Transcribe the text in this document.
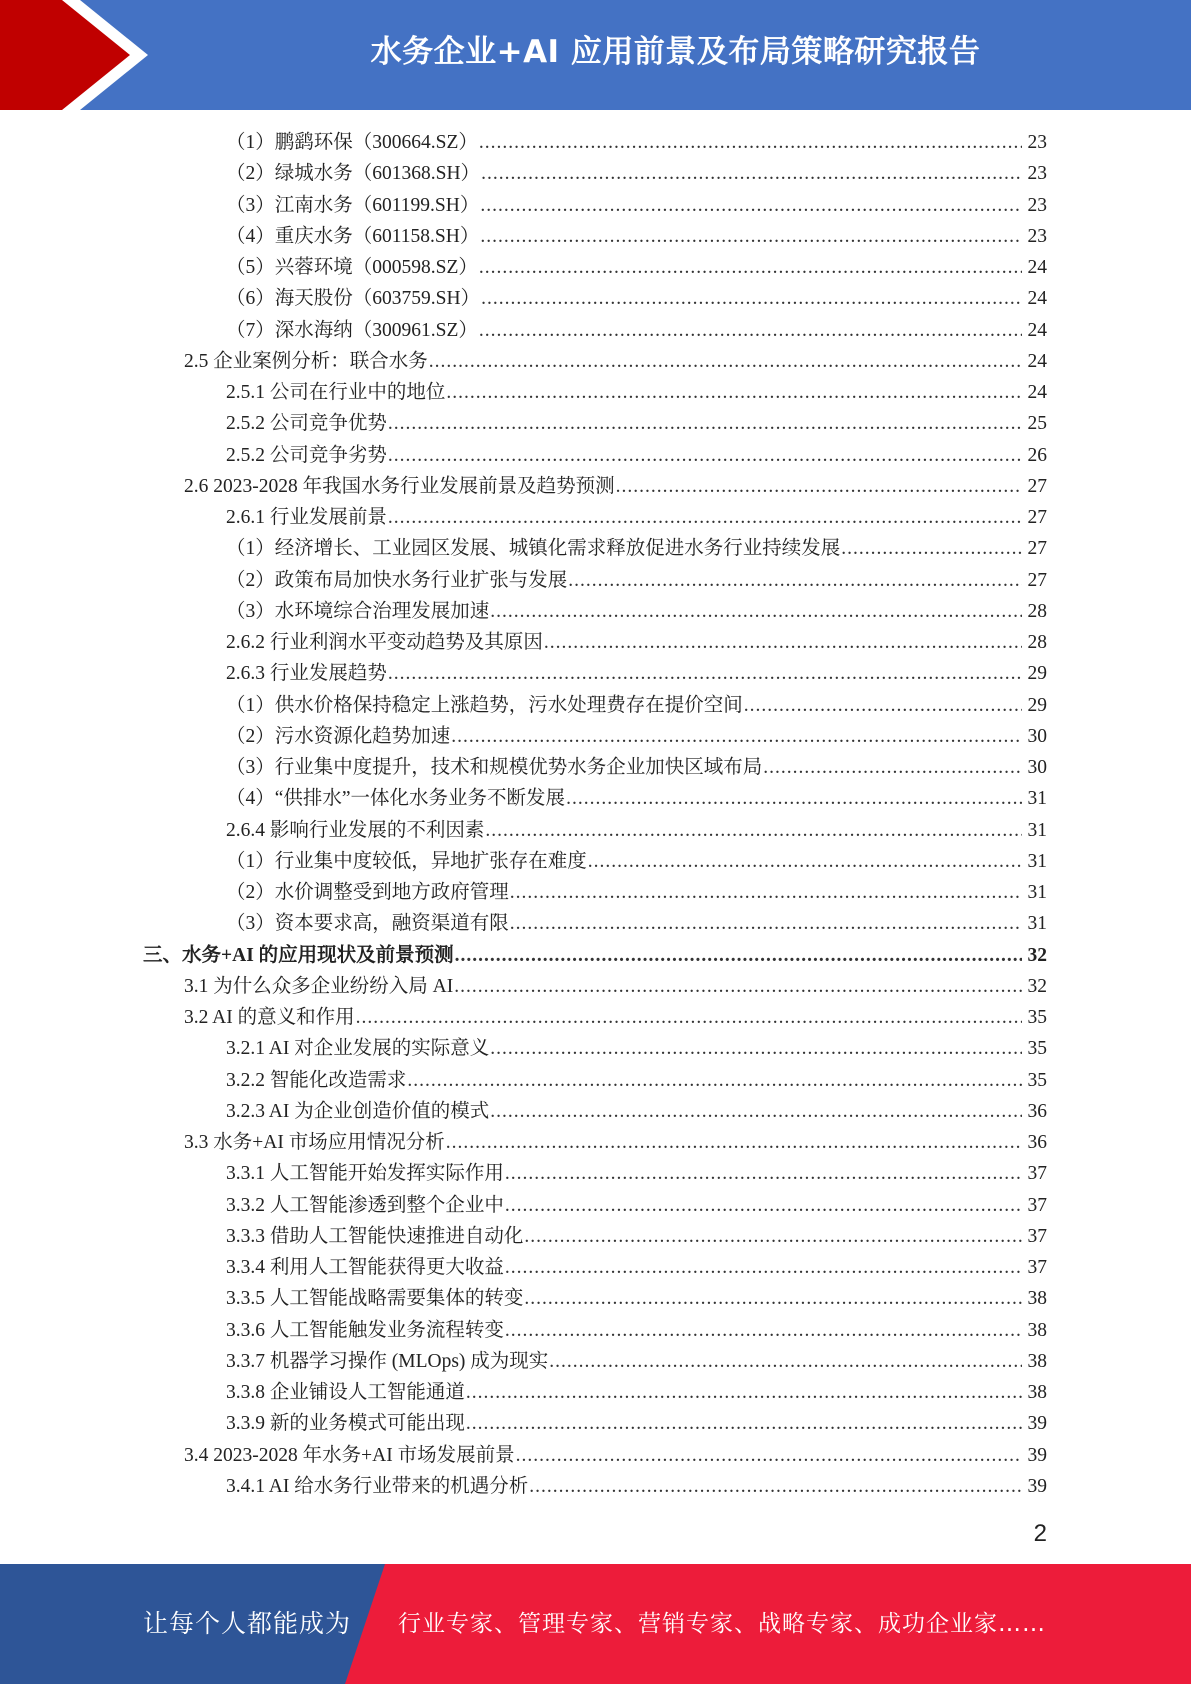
水务企业+AI 应用前景及布局策略研究报告
（1）鹏鹞环保（300664.SZ） .....	23
（2）绿城水务（601368.SH） .....	23
（3）江南水务（601199.SH） .....	23
（4）重庆水务（601158.SH） .....	23
（5）兴蓉环境（000598.SZ） .....	24
（6）海天股份（603759.SH） .....	24
（7）深水海纳（300961.SZ） .....	24
2.5 企业案例分析：联合水务 .....	24
2.5.1 公司在行业中的地位 .....	24
2.5.2 公司竞争优势 .....	25
2.5.2 公司竞争劣势 .....	26
2.6 2023-2028 年我国水务行业发展前景及趋势预测 .....	27
2.6.1 行业发展前景 .....	27
（1）经济增长、工业园区发展、城镇化需求释放促进水务行业持续发展 .....	27
（2）政策布局加快水务行业扩张与发展 .....	27
（3）水环境综合治理发展加速 .....	28
2.6.2 行业利润水平变动趋势及其原因 .....	28
2.6.3 行业发展趋势 .....	29
（1）供水价格保持稳定上涨趋势，污水处理费存在提价空间 .....	29
（2）污水资源化趋势加速 .....	30
（3）行业集中度提升，技术和规模优势水务企业加快区域布局 .....	30
（4）“供排水”一体化水务业务不断发展 .....	31
2.6.4 影响行业发展的不利因素 .....	31
（1）行业集中度较低，异地扩张存在难度 .....	31
（2）水价调整受到地方政府管理 .....	31
（3）资本要求高，融资渠道有限 .....	31
三、水务+AI 的应用现状及前景预测 .....	32
3.1 为什么众多企业纷纷入局 AI .....	32
3.2 AI 的意义和作用 .....	35
3.2.1 AI 对企业发展的实际意义 .....	35
3.2.2 智能化改造需求 .....	35
3.2.3 AI 为企业创造价值的模式 .....	36
3.3 水务+AI 市场应用情况分析 .....	36
3.3.1 人工智能开始发挥实际作用 .....	37
3.3.2 人工智能渗透到整个企业中 .....	37
3.3.3 借助人工智能快速推进自动化 .....	37
3.3.4 利用人工智能获得更大收益 .....	37
3.3.5 人工智能战略需要集体的转变 .....	38
3.3.6 人工智能触发业务流程转变 .....	38
3.3.7 机器学习操作 (MLOps) 成为现实 .....	38
3.3.8 企业铺设人工智能通道 .....	38
3.3.9 新的业务模式可能出现 .....	39
3.4 2023-2028 年水务+AI 市场发展前景 .....	39
3.4.1 AI 给水务行业带来的机遇分析 .....	39
2
让每个人都能成为 行业专家、管理专家、营销专家、战略专家、成功企业家……
